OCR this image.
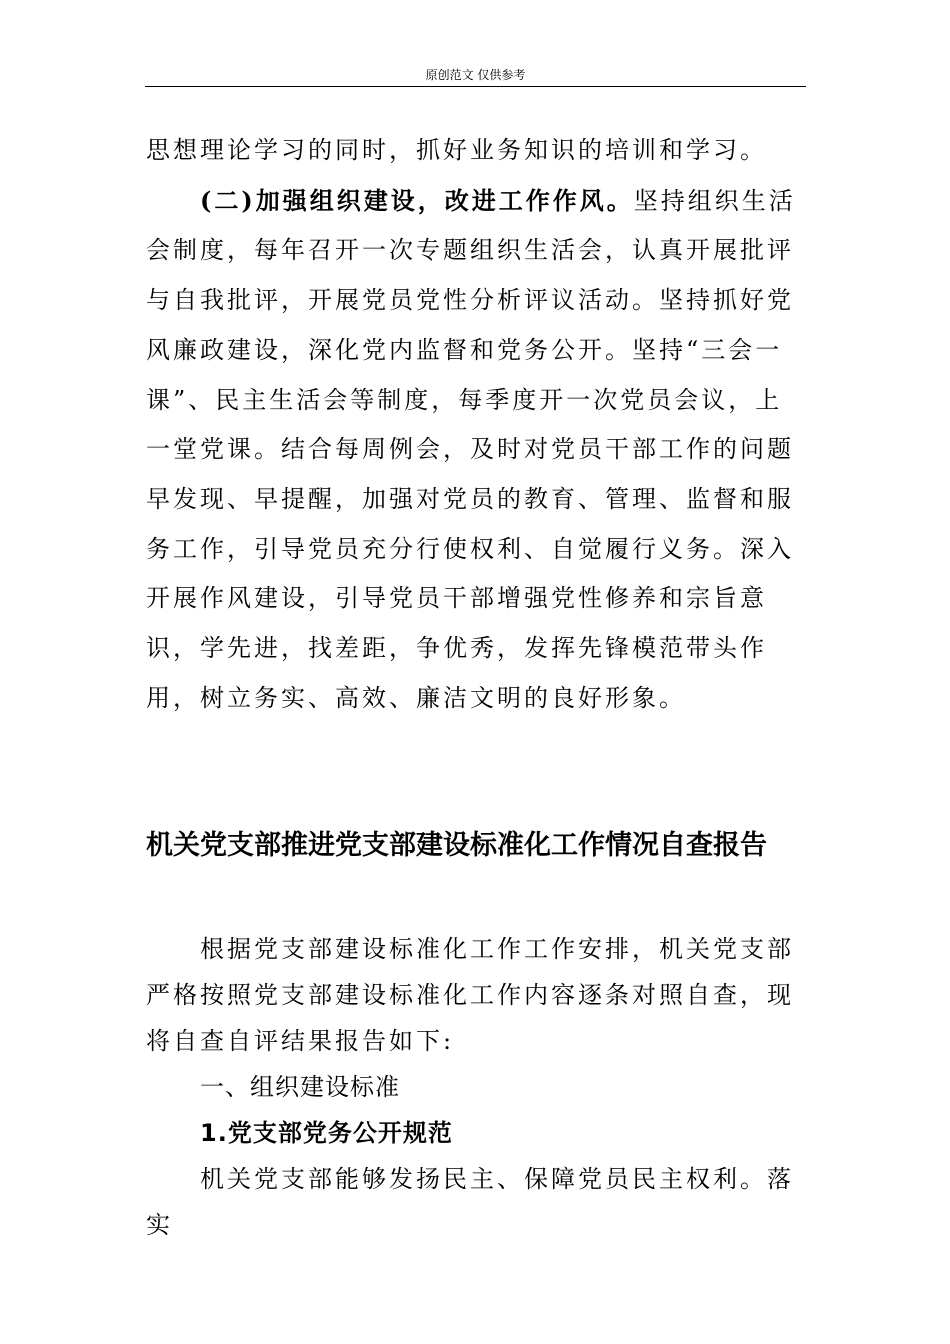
原创范文 仅供参考

思想理论学习的同时，抓好业务知识的培训和学习。

(二)加强组织建设，改进工作作风。坚持组织生活会制度，每年召开一次专题组织生活会，认真开展批评与自我批评，开展党员党性分析评议活动。坚持抓好党风廉政建设，深化党内监督和党务公开。坚持“三会一课”、民主生活会等制度，每季度开一次党员会议，上一堂党课。结合每周例会，及时对党员干部工作的问题早发现、早提醒，加强对党员的教育、管理、监督和服务工作，引导党员充分行使权利、自觉履行义务。深入开展作风建设，引导党员干部增强党性修养和宗旨意识，学先进，找差距，争优秀，发挥先锋模范带头作用，树立务实、高效、廉洁文明的良好形象。

机关党支部推进党支部建设标准化工作情况自查报告

根据党支部建设标准化工作工作安排，机关党支部严格按照党支部建设标准化工作内容逐条对照自查，现将自查自评结果报告如下:

一、组织建设标准

1.党支部党务公开规范

机关党支部能够发扬民主、保障党员民主权利。落实
